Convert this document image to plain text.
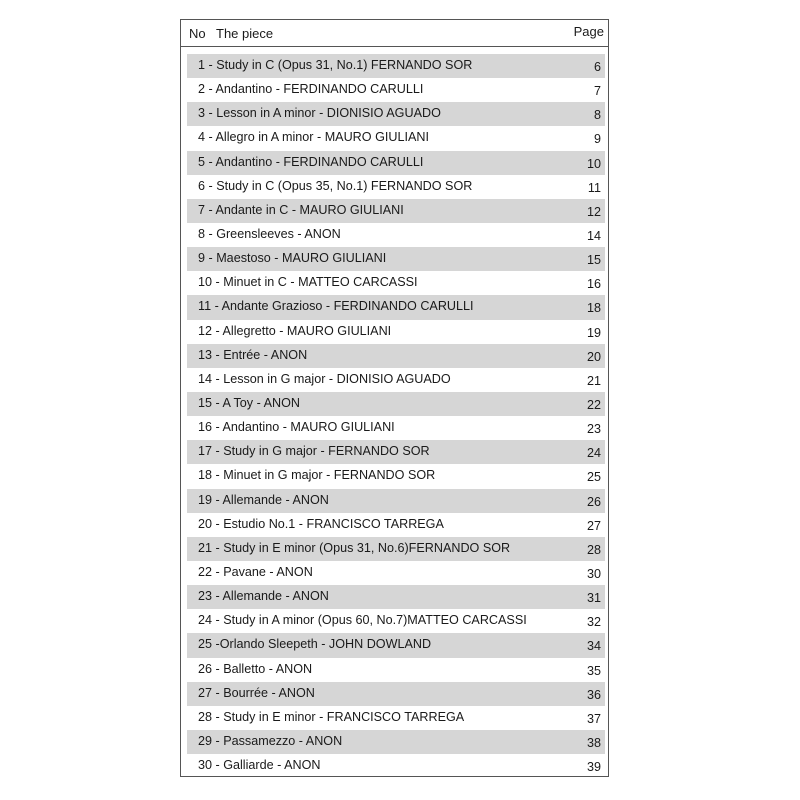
No The piece	Page
1 - Study in C (Opus 31, No.1) FERNANDO SOR	6
2 - Andantino - FERDINANDO CARULLI	7
3 - Lesson in A minor - DIONISIO AGUADO	8
4 - Allegro in A minor - MAURO GIULIANI	9
5 - Andantino - FERDINANDO CARULLI	10
6 - Study in C (Opus 35, No.1) FERNANDO SOR	11
7 - Andante in C - MAURO GIULIANI	12
8 - Greensleeves - ANON	14
9 - Maestoso - MAURO GIULIANI	15
10 - Minuet in C - MATTEO CARCASSI	16
11 - Andante Grazioso - FERDINANDO CARULLI	18
12 - Allegretto - MAURO GIULIANI	19
13 - Entrée - ANON	20
14 - Lesson in G major - DIONISIO AGUADO	21
15 - A Toy - ANON	22
16 - Andantino - MAURO GIULIANI	23
17 - Study in G major - FERNANDO SOR	24
18 - Minuet in G major - FERNANDO SOR	25
19 - Allemande - ANON	26
20 - Estudio No.1 - FRANCISCO TARREGA	27
21 - Study in E minor (Opus 31, No.6)FERNANDO SOR	28
22 - Pavane - ANON	30
23 - Allemande - ANON	31
24 - Study in A minor (Opus 60, No.7)MATTEO CARCASSI	32
25 -Orlando Sleepeth - JOHN DOWLAND	34
26 - Balletto - ANON	35
27 - Bourrée - ANON	36
28 - Study in E minor - FRANCISCO TARREGA	37
29 - Passamezzo - ANON	38
30 - Galliarde - ANON	39
